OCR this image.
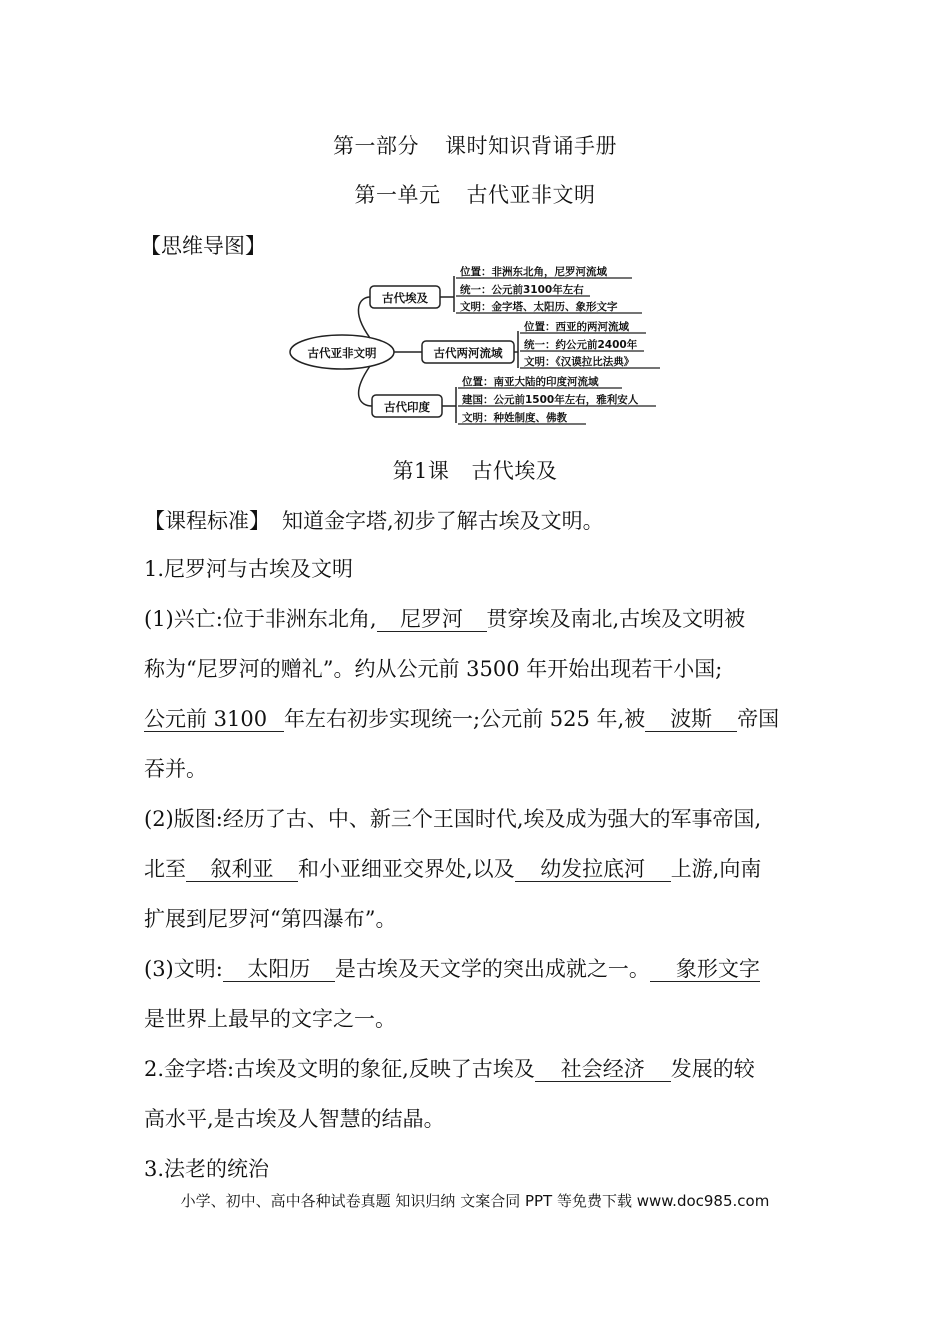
第一部分 课时知识背诵手册
第一单元 古代亚非文明
【思维导图】
古代亚非文明
古代埃及
古代两河流域
古代印度
位置：非洲东北角，尼罗河流域
统一：公元前3100年左右
文明：金字塔、太阳历、象形文字
位置：西亚的两河流域
统一：约公元前2400年
文明：《汉谟拉比法典》
位置：南亚大陆的印度河流域
建国：公元前1500年左右，雅利安人
文明：种姓制度、佛教
第1课 古代埃及
【课程标准】 知道金字塔,初步了解古埃及文明。
1.尼罗河与古埃及文明
(1)兴亡:位于非洲东北角, 尼罗河 贯穿埃及南北,古埃及文明被
称为“尼罗河的赠礼”。约从公元前 3500 年开始出现若干小国;
公元前 3100 年左右初步实现统一;公元前 525 年,被 波斯 帝国
吞并。
(2)版图:经历了古、中、新三个王国时代,埃及成为强大的军事帝国,
北至 叙利亚 和小亚细亚交界处,以及 幼发拉底河 上游,向南
扩展到尼罗河“第四瀑布”。
(3)文明: 太阳历 是古埃及天文学的突出成就之一。 象形文字
是世界上最早的文字之一。
2.金字塔:古埃及文明的象征,反映了古埃及 社会经济 发展的较
高水平,是古埃及人智慧的结晶。
3.法老的统治
小学、初中、高中各种试卷真题 知识归纳 文案合同 PPT 等免费下载 www.doc985.com
